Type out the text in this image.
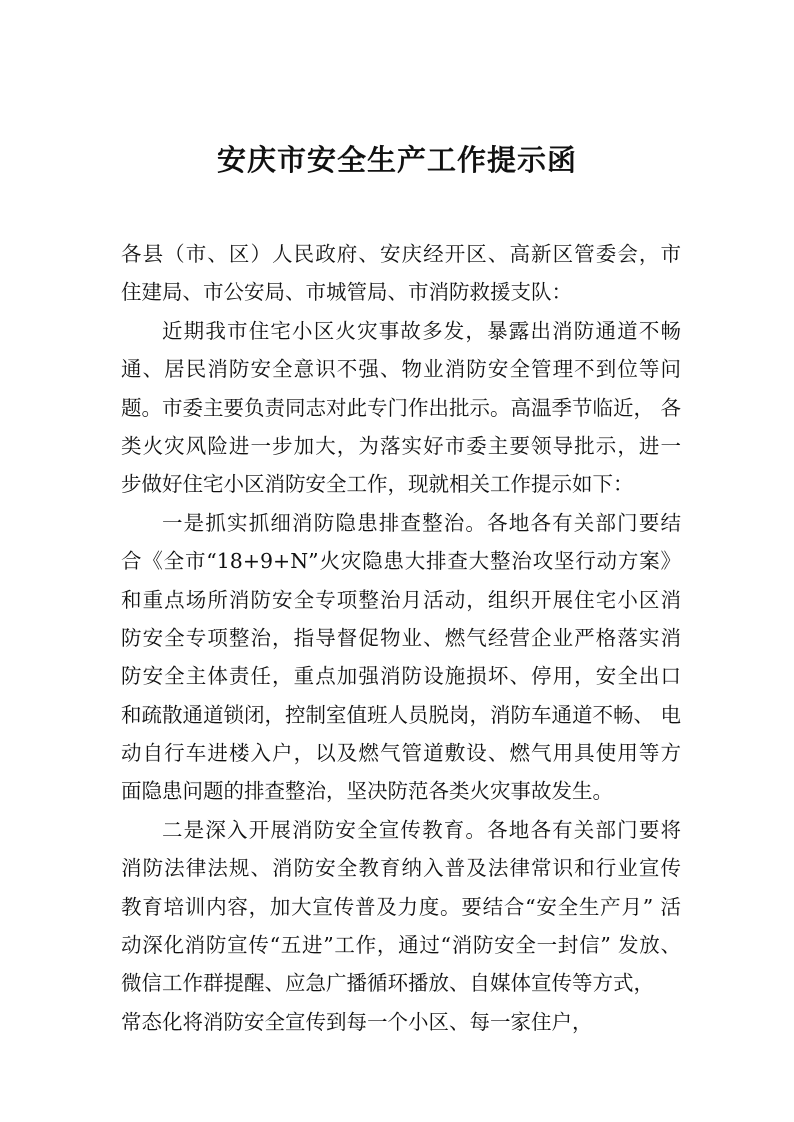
安庆市安全生产工作提示函
各县（市、区）人民政府、安庆经开区、高新区管委会，市
住建局、市公安局、市城管局、市消防救援支队：
近期我市住宅小区火灾事故多发，暴露出消防通道不畅
通、居民消防安全意识不强、物业消防安全管理不到位等问
题。市委主要负责同志对此专门作出批示。高温季节临近， 各
类火灾风险进一步加大，为落实好市委主要领导批示，进一
步做好住宅小区消防安全工作，现就相关工作提示如下：
一是抓实抓细消防隐患排查整治。各地各有关部门要结
合《全市“18+9+N”火灾隐患大排查大整治攻坚行动方案》
和重点场所消防安全专项整治月活动，组织开展住宅小区消
防安全专项整治，指导督促物业、燃气经营企业严格落实消
防安全主体责任，重点加强消防设施损坏、停用，安全出口
和疏散通道锁闭，控制室值班人员脱岗，消防车通道不畅、 电
动自行车进楼入户，以及燃气管道敷设、燃气用具使用等方
面隐患问题的排查整治，坚决防范各类火灾事故发生。
二是深入开展消防安全宣传教育。各地各有关部门要将
消防法律法规、消防安全教育纳入普及法律常识和行业宣传
教育培训内容，加大宣传普及力度。要结合“安全生产月” 活
动深化消防宣传“五进”工作，通过“消防安全一封信” 发放、
微信工作群提醒、应急广播循环播放、自媒体宣传等方式，
常态化将消防安全宣传到每一个小区、每一家住户，
